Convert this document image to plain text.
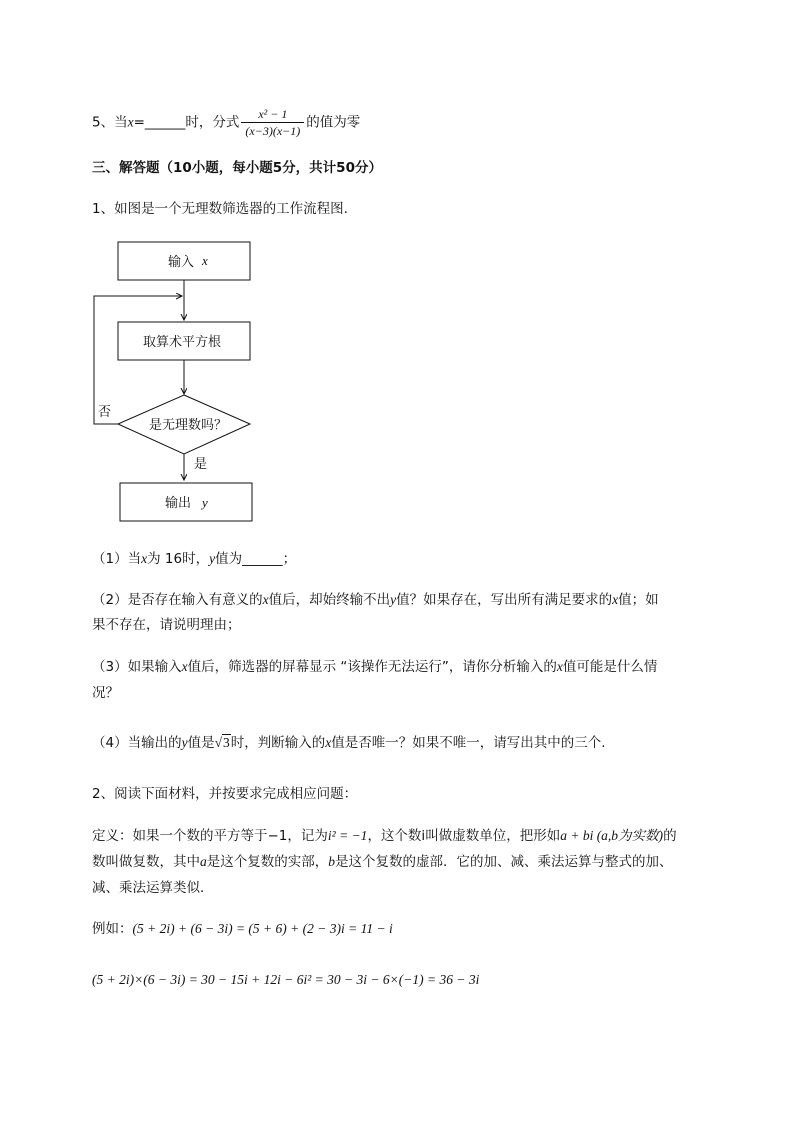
5、当x=______时，分式 $\frac{\text{x² − 1}}{(x-3)(x-1)}$ 的值为零
三、解答题（10小题，每小题5分，共计50分）
1、如图是一个无理数筛选器的工作流程图.
输入 x
取算术平方根
是无理数吗？
否
是
输出 y
（1）当x为 16时，y值为______；
（2）是否存在输入有意义的x值后，却始终输不出y值？如果存在，写出所有满足要求的x值；如
果不存在，请说明理由；
（3）如果输入x值后，筛选器的屏幕显示 “该操作无法运行”，请你分析输入的x值可能是什么情
况？
（4）当输出的y值是√3时，判断输入的x值是否唯一？如果不唯一，请写出其中的三个.
2、阅读下面材料，并按要求完成相应问题：
定义：如果一个数的平方等于−1，记为i² = −1，这个数i叫做虚数单位，把形如a + bi (a,b为实数)的
数叫做复数，其中a是这个复数的实部，b是这个复数的虚部．它的加、减、乘法运算与整式的加、
减、乘法运算类似．
例如：(5 + 2i) + (6 − 3i) = (5 + 6) + (2 − 3)i = 11 − i
(5 + 2i)×(6 − 3i) = 30 − 15i + 12i − 6i² = 30 − 3i − 6×(−1) = 36 − 3i
